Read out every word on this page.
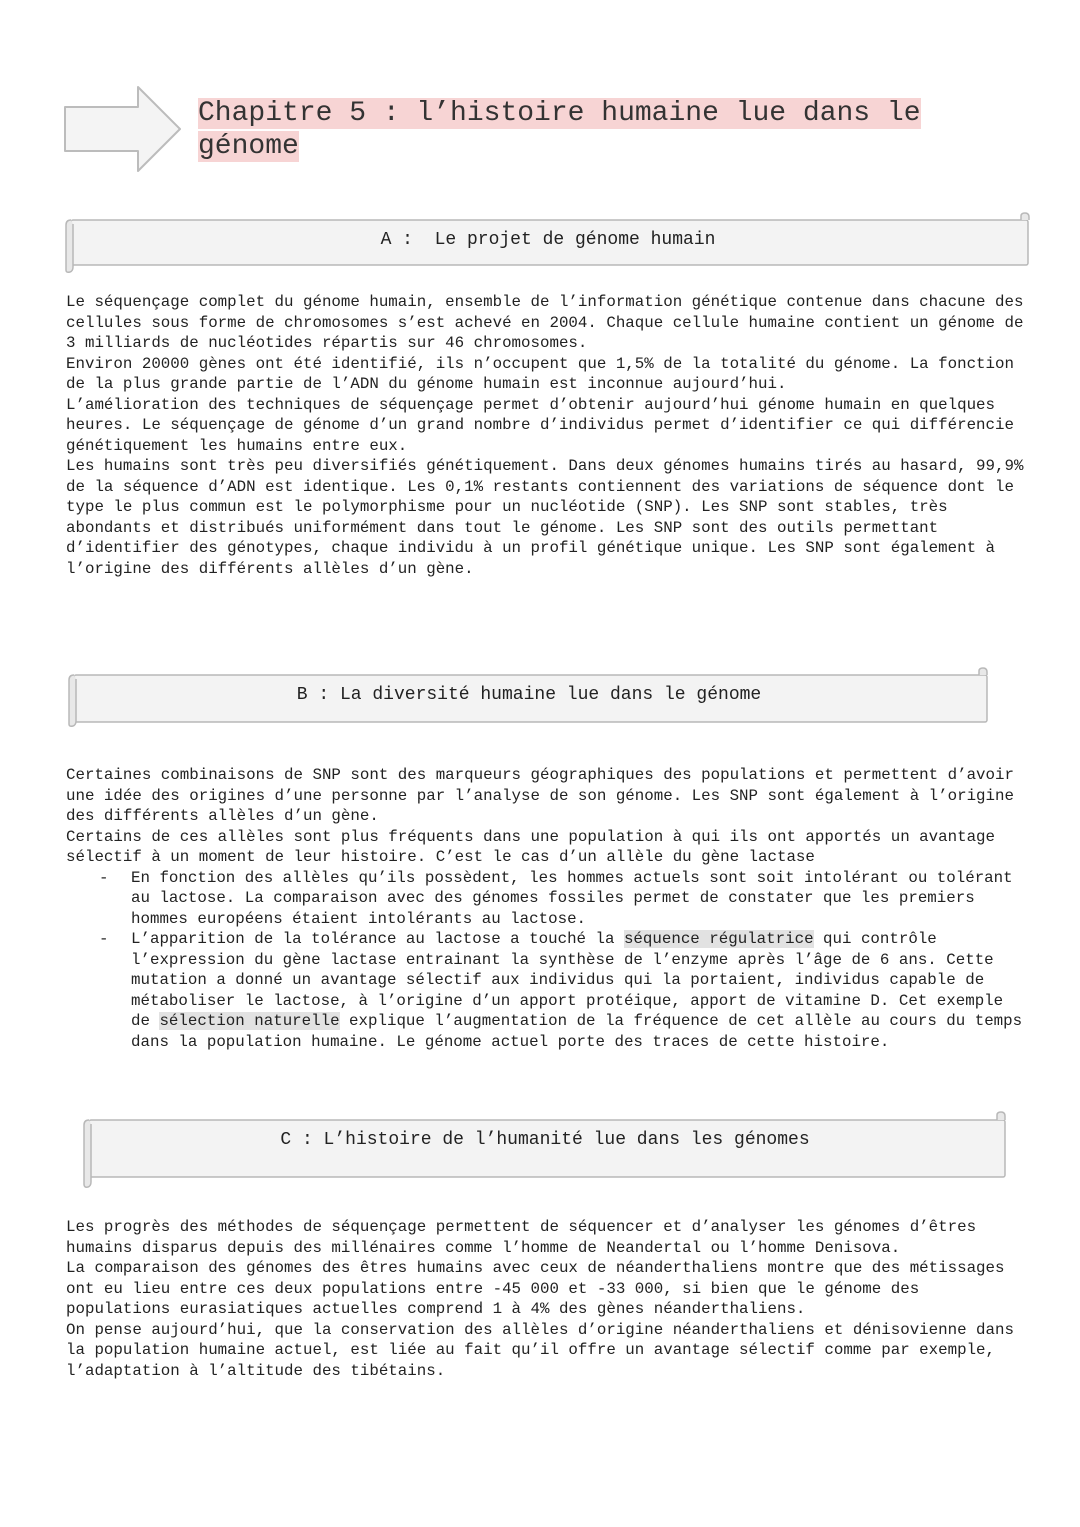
Chapitre 5 : l’histoire humaine lue dans le génome
A :  Le projet de génome humain

Le séquençage complet du génome humain, ensemble de l’information génétique contenue dans chacune des cellules sous forme de chromosomes s’est achevé en 2004. Chaque cellule humaine contient un génome de 3 milliards de nucléotides répartis sur 46 chromosomes.

Environ 20000 gènes ont été identifié, ils n’occupent que 1,5% de la totalité du génome. La fonction de la plus grande partie de l’ADN du génome humain est inconnue aujourd’hui.

L’amélioration des techniques de séquençage permet d’obtenir aujourd’hui génome humain en quelques heures. Le séquençage de génome d’un grand nombre d’individus permet d’identifier ce qui différencie génétiquement les humains entre eux.

Les humains sont très peu diversifiés génétiquement. Dans deux génomes humains tirés au hasard, 99,9% de la séquence d’ADN est identique. Les 0,1% restants contiennent des variations de séquence dont le type le plus commun est le polymorphisme pour un nucléotide (SNP). Les SNP sont stables, très abondants et distribués uniformément dans tout le génome. Les SNP sont des outils permettant d’identifier des génotypes, chaque individu à un profil génétique unique. Les SNP sont également à l’origine des différents allèles d’un gène.

B : La diversité humaine lue dans le génome

Certaines combinaisons de SNP sont des marqueurs géographiques des populations et permettent d’avoir une idée des origines d’une personne par l’analyse de son génome. Les SNP sont également à l’origine des différents allèles d’un gène.

Certains de ces allèles sont plus fréquents dans une population à qui ils ont apportés un avantage sélectif à un moment de leur histoire. C’est le cas d’un allèle du gène lactase

- En fonction des allèles qu’ils possèdent, les hommes actuels sont soit intolérant ou tolérant au lactose. La comparaison avec des génomes fossiles permet de constater que les premiers hommes européens étaient intolérants au lactose.
- L’apparition de la tolérance au lactose a touché la séquence régulatrice qui contrôle l’expression du gène lactase entrainant la synthèse de l’enzyme après l’âge de 6 ans. Cette mutation a donné un avantage sélectif aux individus qui la portaient, individus capable de métaboliser le lactose, à l’origine d’un apport protéique, apport de vitamine D. Cet exemple de sélection naturelle explique l’augmentation de la fréquence de cet allèle au cours du temps dans la population humaine. Le génome actuel porte des traces de cette histoire.
C : L’histoire de l’humanité lue dans les génomes

Les progrès des méthodes de séquençage permettent de séquencer et d’analyser les génomes d’êtres humains disparus depuis des millénaires comme l’homme de Neandertal ou l’homme Denisova.

La comparaison des génomes des êtres humains avec ceux de néanderthaliens montre que des métissages ont eu lieu entre ces deux populations entre -45 000 et -33 000, si bien que le génome des populations eurasiatiques actuelles comprend 1 à 4% des gènes néanderthaliens.

On pense aujourd’hui, que la conservation des allèles d’origine néanderthaliens et dénisovienne dans la population humaine actuel, est liée au fait qu’il offre un avantage sélectif comme par exemple, l’adaptation à l’altitude des tibétains.
